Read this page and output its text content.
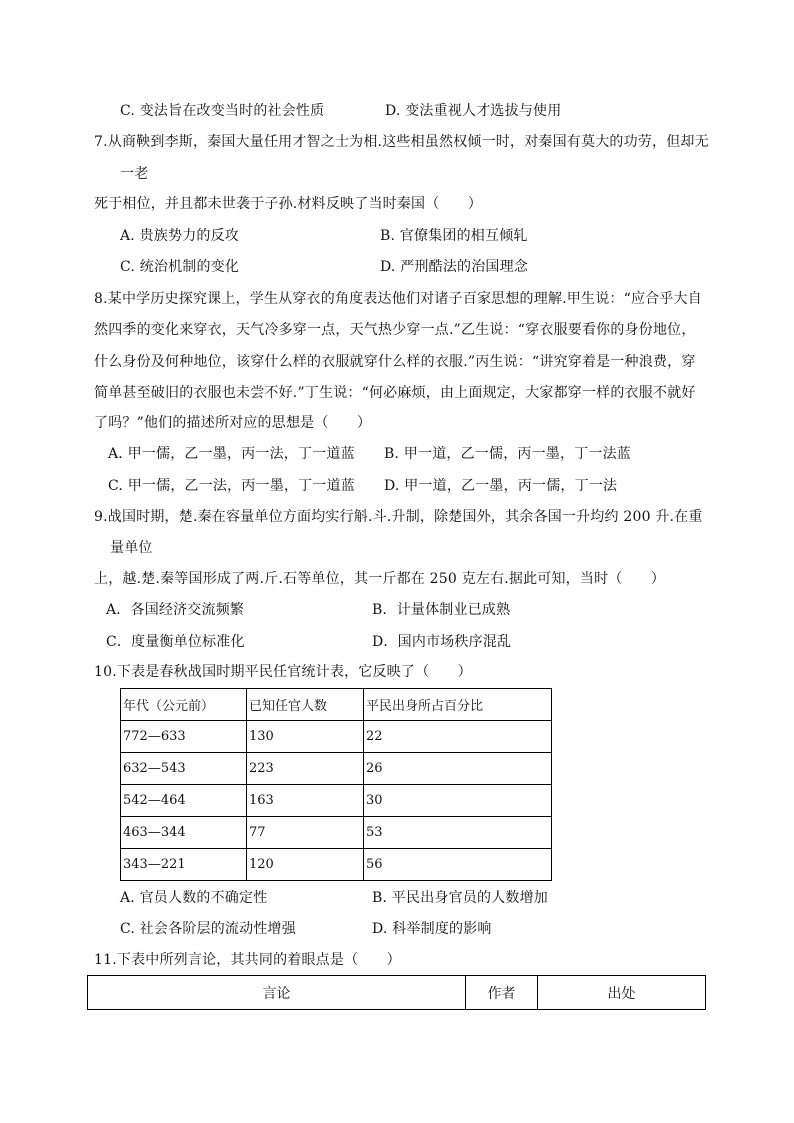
C. 变法旨在改变当时的社会性质	D. 变法重视人才选拔与使用
7.从商鞅到李斯，秦国大量任用才智之士为相.这些相虽然权倾一时，对秦国有莫大的功劳，但却无
一老
死于相位，并且都未世袭于子孙.材料反映了当时秦国（　　）
A. 贵族势力的反攻	B. 官僚集团的相互倾轧
C. 统治机制的变化	D. 严刑酷法的治国理念
8.某中学历史探究课上，学生从穿衣的角度表达他们对诸子百家思想的理解.甲生说：“应合乎大自
然四季的变化来穿衣，天气冷多穿一点，天气热少穿一点.”乙生说：“穿衣服要看你的身份地位，
什么身份及何种地位，该穿什么样的衣服就穿什么样的衣服.”丙生说：“讲究穿着是一种浪费，穿
简单甚至破旧的衣服也未尝不好.”丁生说：“何必麻烦，由上面规定，大家都穿一样的衣服不就好
了吗？”他们的描述所对应的思想是（　　）
A. 甲一儒，乙一墨，丙一法，丁一道蓝 B. 甲一道，乙一儒，丙一墨，丁一法蓝
C. 甲一儒，乙一法，丙一墨，丁一道蓝 D. 甲一道，乙一墨，丙一儒，丁一法
9.战国时期，楚.秦在容量单位方面均实行斛.斗.升制，除楚国外，其余各国一升均约 200 升.在重
量单位
上，越.楚.秦等国形成了两.斤.石等单位，其一斤都在 250 克左右.据此可知，当时（　　）
A．各国经济交流频繁	B．计量体制业已成熟
C．度量衡单位标准化	D．国内市场秩序混乱
10.下表是春秋战国时期平民任官统计表，它反映了（　　）
年代（公元前）	已知任官人数	平民出身所占百分比
772—633	130	22
632—543	223	26
542—464	163	30
463—344	77	53
343—221	120	56
A. 官员人数的不确定性	B. 平民出身官员的人数增加
C. 社会各阶层的流动性增强	D. 科举制度的影响
11.下表中所列言论，其共同的着眼点是（　　）
言论	作者	出处
